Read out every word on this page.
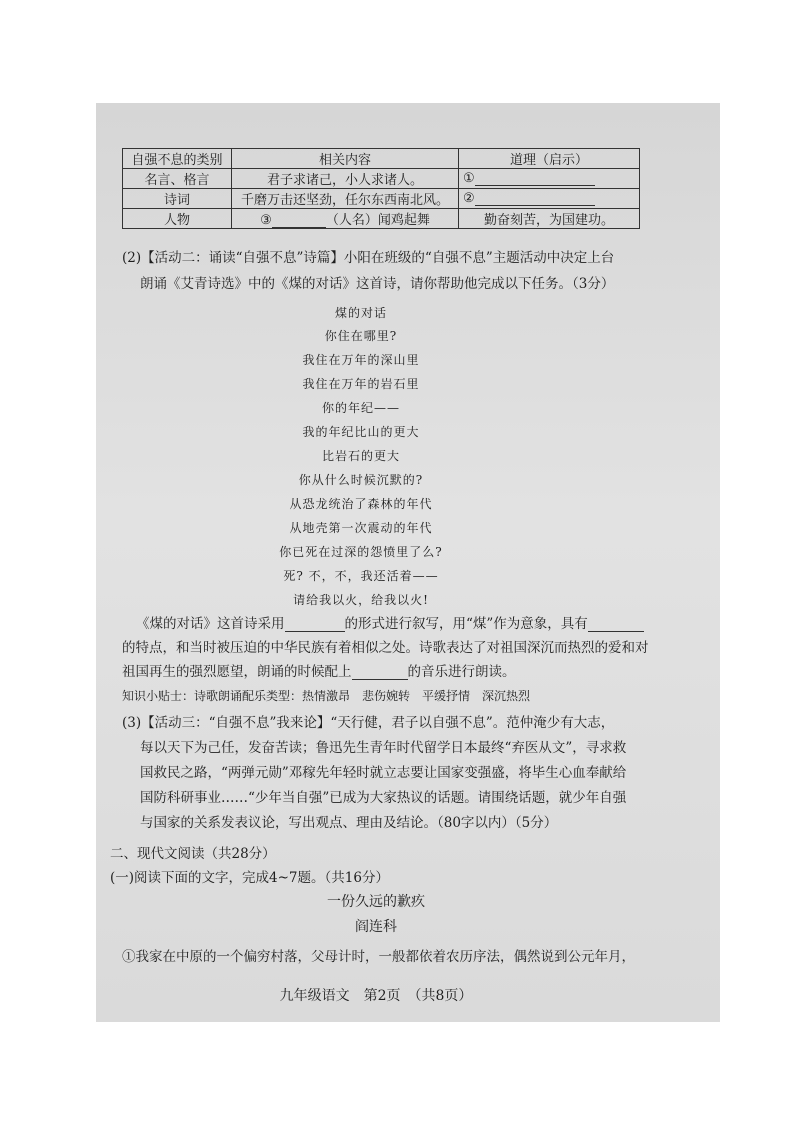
自强不息的类别	相关内容	道理（启示）
名言、格言	君子求诸己，小人求诸人。	①
诗词	千磨万击还坚劲，任尔东西南北风。	②
人物	③ （人名）闻鸡起舞	勤奋刻苦，为国建功。
(2)【活动二：诵读“自强不息”诗篇】小阳在班级的“自强不息”主题活动中决定上台
朗诵《艾青诗选》中的《煤的对话》这首诗，请你帮助他完成以下任务。（3分）
煤的对话
你住在哪里?
我住在万年的深山里
我住在万年的岩石里
你的年纪——
我的年纪比山的更大
比岩石的更大
你从什么时候沉默的?
从恐龙统治了森林的年代
从地壳第一次震动的年代
你已死在过深的怨愤里了么?
死? 不，不，我还活着——
请给我以火，给我以火!
《煤的对话》这首诗采用	的形式进行叙写，用“煤”作为意象，具有
的特点，和当时被压迫的中华民族有着相似之处。诗歌表达了对祖国深沉而热烈的爱和对
祖国再生的强烈愿望，朗诵的时候配上	的音乐进行朗读。
知识小贴士：诗歌朗诵配乐类型：热情激昂　悲伤婉转　平缓抒情　深沉热烈
(3)【活动三：“自强不息”我来论】“天行健，君子以自强不息”。范仲淹少有大志，
每以天下为己任，发奋苦读；鲁迅先生青年时代留学日本最终“弃医从文”，寻求救
国救民之路，“两弹元勋”邓稼先年轻时就立志要让国家变强盛，将毕生心血奉献给
国防科研事业……“少年当自强”已成为大家热议的话题。请围绕话题，就少年自强
与国家的关系发表议论，写出观点、理由及结论。（80字以内）（5分）
二、现代文阅读（共28分）
(一)阅读下面的文字，完成4~7题。（共16分）
一份久远的歉疚
阎连科
①我家在中原的一个偏穷村落，父母计时，一般都依着农历序法，偶然说到公元年月，
九年级语文　第2页　（共8页）
